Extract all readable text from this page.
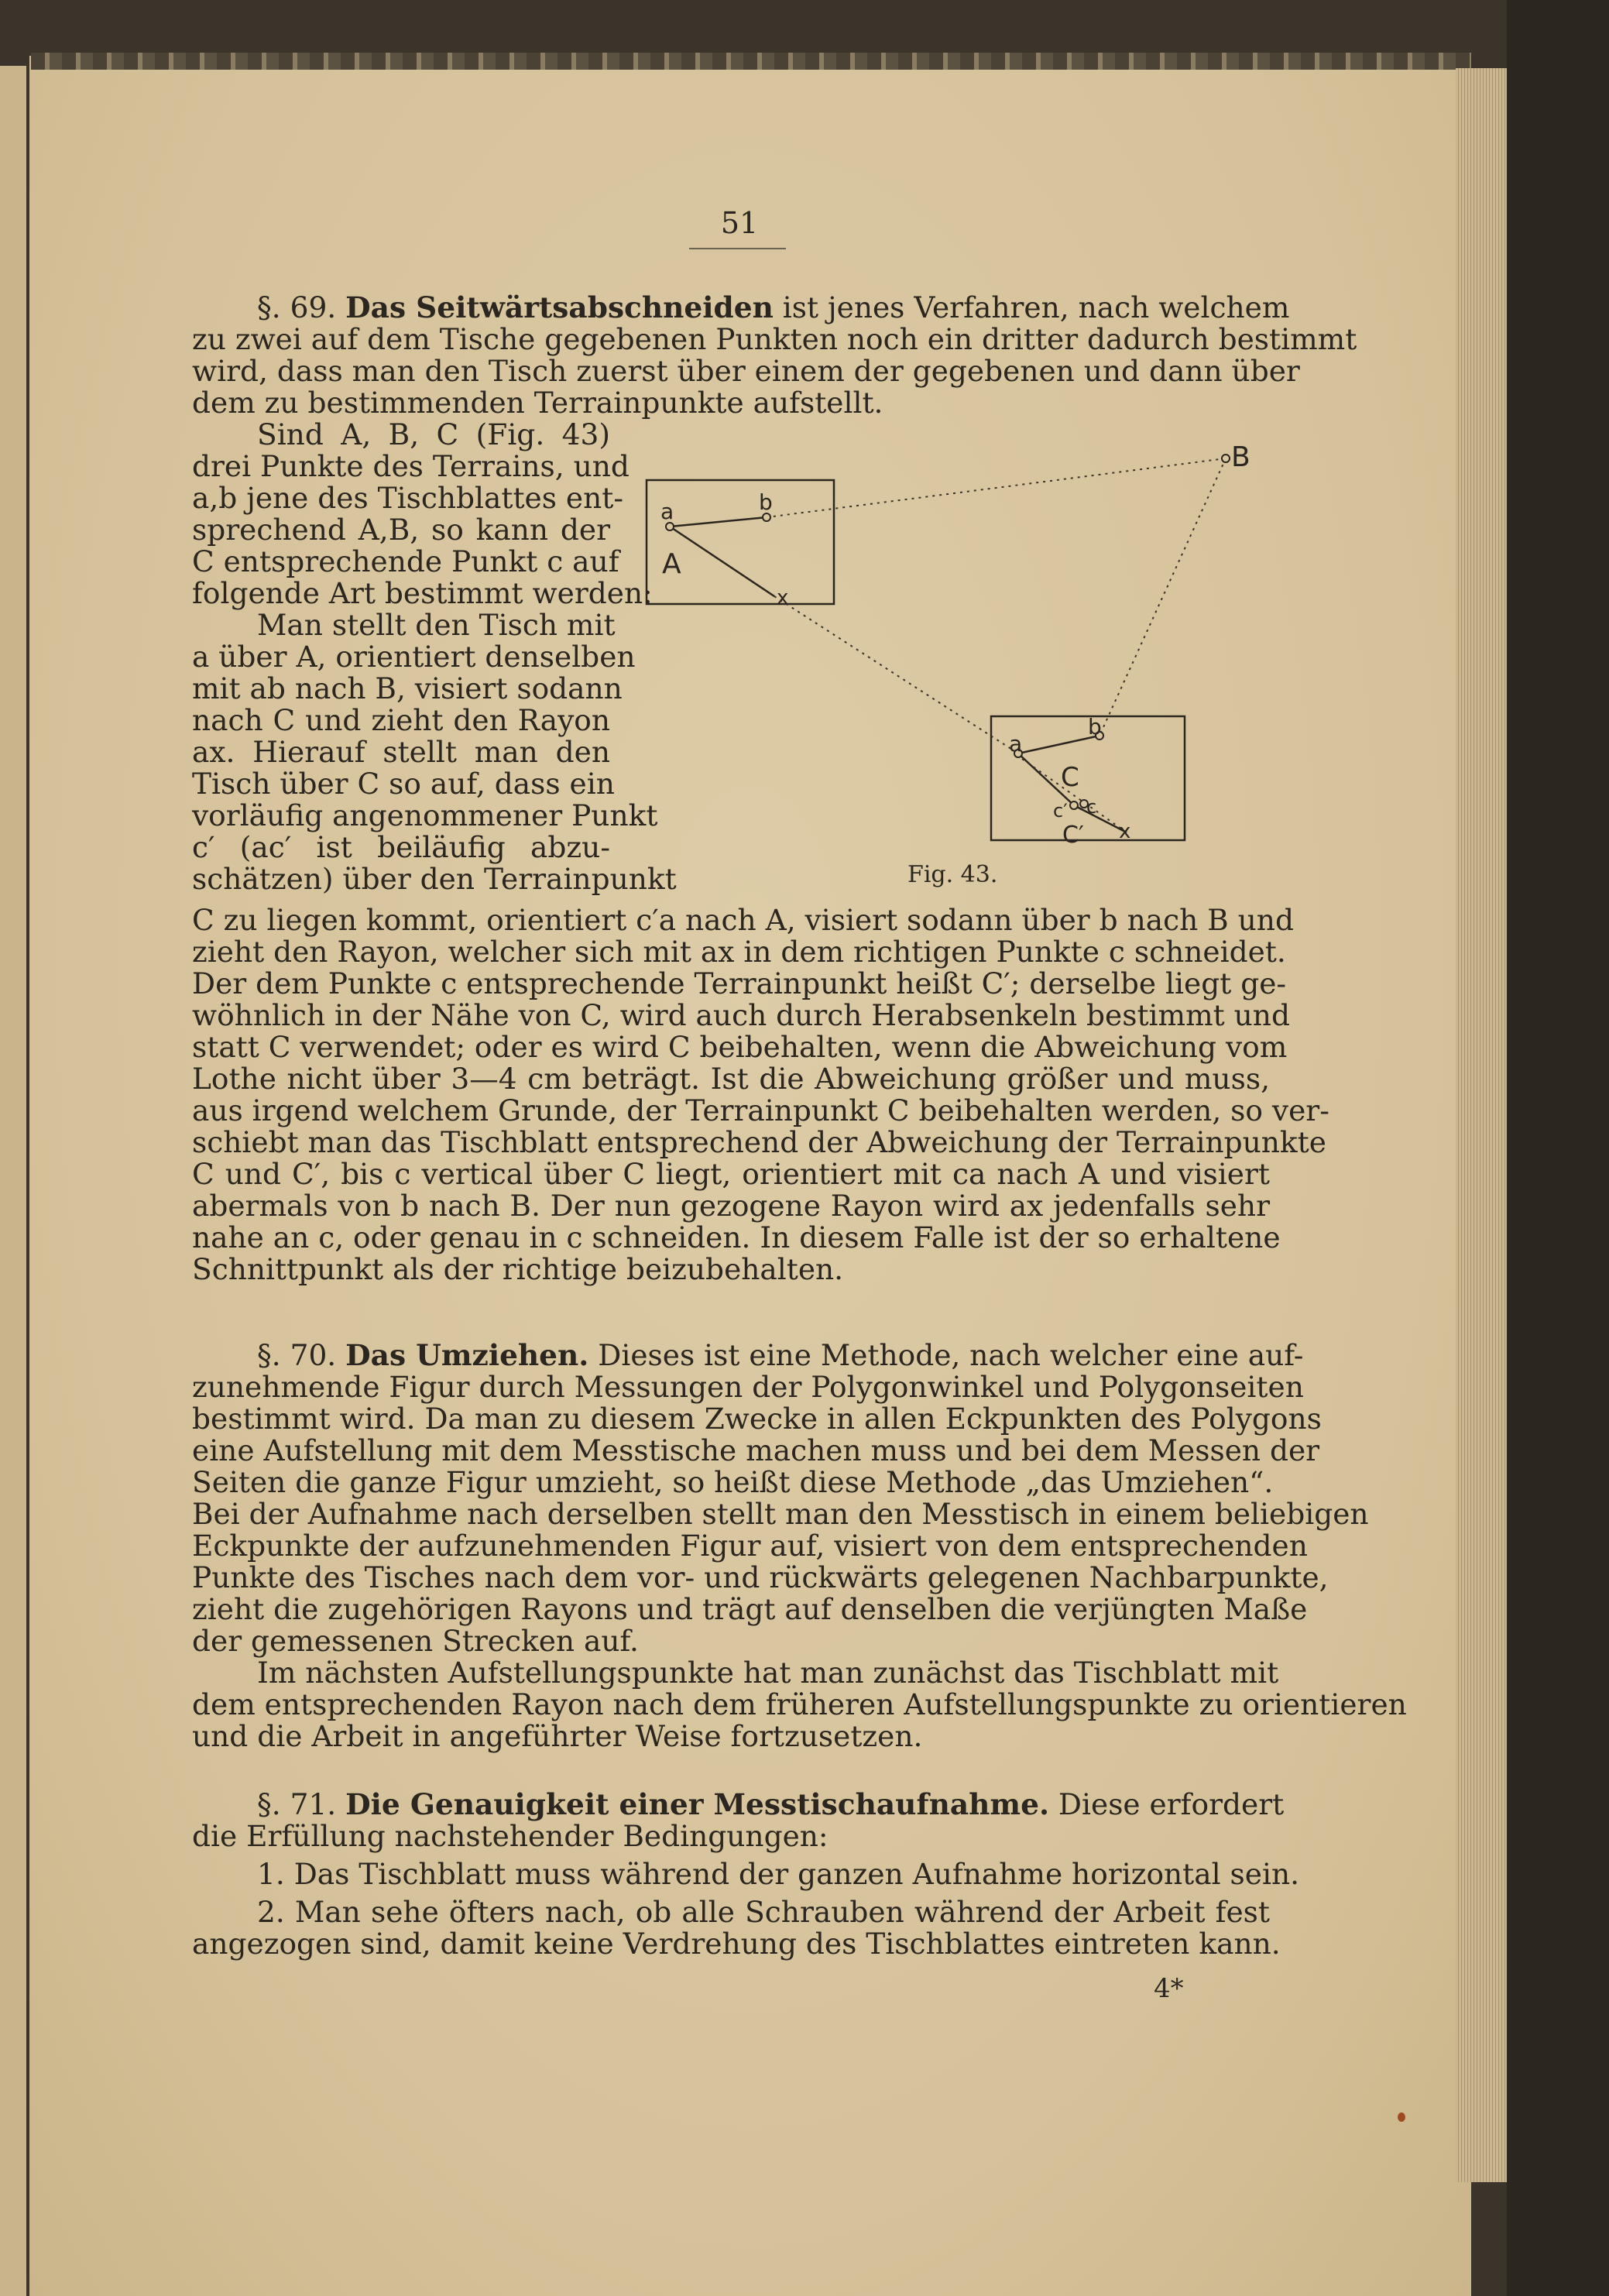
51
§. 69. Das Seitwärtsabschneiden ist jenes Verfahren, nach welchem
zu zwei auf dem Tische gegebenen Punkten noch ein dritter dadurch bestimmt
wird, dass man den Tisch zuerst über einem der gegebenen und dann über
dem zu bestimmenden Terrainpunkte aufstellt.
Sind A, B, C (Fig. 43)
drei Punkte des Terrains, und
a,b jene des Tischblattes ent-
sprechend A,B, so kann der
C entsprechende Punkt c auf
folgende Art bestimmt werden:
Man stellt den Tisch mit
a über A, orientiert denselben
mit ab nach B, visiert sodann
nach C und zieht den Rayon
ax. Hierauf stellt man den
Tisch über C so auf, dass ein
vorläufig angenommener Punkt
c′ (ac′ ist beiläufig abzu-
schätzen) über den Terrainpunkt
B
a	b
A
x
a
b
C
c′ c
C′ x
Fig. 43.
C zu liegen kommt, orientiert c′a nach A, visiert sodann über b nach B und
zieht den Rayon, welcher sich mit ax in dem richtigen Punkte c schneidet.
Der dem Punkte c entsprechende Terrainpunkt heißt C′; derselbe liegt ge-
wöhnlich in der Nähe von C, wird auch durch Herabsenkeln bestimmt und
statt C verwendet; oder es wird C beibehalten, wenn die Abweichung vom
Lothe nicht über 3—4 cm beträgt. Ist die Abweichung größer und muss,
aus irgend welchem Grunde, der Terrainpunkt C beibehalten werden, so ver-
schiebt man das Tischblatt entsprechend der Abweichung der Terrainpunkte
C und C′, bis c vertical über C liegt, orientiert mit ca nach A und visiert
abermals von b nach B. Der nun gezogene Rayon wird ax jedenfalls sehr
nahe an c, oder genau in c schneiden. In diesem Falle ist der so erhaltene
Schnittpunkt als der richtige beizubehalten.
§. 70. Das Umziehen. Dieses ist eine Methode, nach welcher eine auf-
zunehmende Figur durch Messungen der Polygonwinkel und Polygonseiten
bestimmt wird. Da man zu diesem Zwecke in allen Eckpunkten des Polygons
eine Aufstellung mit dem Messtische machen muss und bei dem Messen der
Seiten die ganze Figur umzieht, so heißt diese Methode „das Umziehen“.
Bei der Aufnahme nach derselben stellt man den Messtisch in einem beliebigen
Eckpunkte der aufzunehmenden Figur auf, visiert von dem entsprechenden
Punkte des Tisches nach dem vor- und rückwärts gelegenen Nachbarpunkte,
zieht die zugehörigen Rayons und trägt auf denselben die verjüngten Maße
der gemessenen Strecken auf.
Im nächsten Aufstellungspunkte hat man zunächst das Tischblatt mit
dem entsprechenden Rayon nach dem früheren Aufstellungspunkte zu orientieren
und die Arbeit in angeführter Weise fortzusetzen.
§. 71. Die Genauigkeit einer Messtischaufnahme. Diese erfordert
die Erfüllung nachstehender Bedingungen:
1. Das Tischblatt muss während der ganzen Aufnahme horizontal sein.
2. Man sehe öfters nach, ob alle Schrauben während der Arbeit fest
angezogen sind, damit keine Verdrehung des Tischblattes eintreten kann.
4*
